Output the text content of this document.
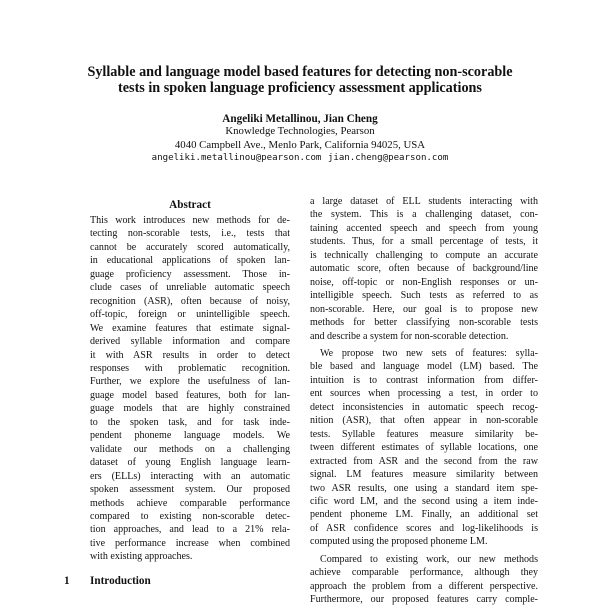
Syllable and language model based features for detecting non-scorable
tests in spoken language proficiency assessment applications
Angeliki Metallinou, Jian Cheng
Knowledge Technologies, Pearson
4040 Campbell Ave., Menlo Park, California 94025, USA
angeliki.metallinou@pearson.com jian.cheng@pearson.com
Abstract
This work introduces new methods for de-
tecting non-scorable tests, i.e., tests that
cannot be accurately scored automatically,
in educational applications of spoken lan-
guage proficiency assessment. Those in-
clude cases of unreliable automatic speech
recognition (ASR), often because of noisy,
off-topic, foreign or unintelligible speech.
We examine features that estimate signal-
derived syllable information and compare
it with ASR results in order to detect
responses with problematic recognition.
Further, we explore the usefulness of lan-
guage model based features, both for lan-
guage models that are highly constrained
to the spoken task, and for task inde-
pendent phoneme language models. We
validate our methods on a challenging
dataset of young English language learn-
ers (ELLs) interacting with an automatic
spoken assessment system. Our proposed
methods achieve comparable performance
compared to existing non-scorable detec-
tion approaches, and lead to a 21% rela-
tive performance increase when combined
with existing approaches.
1 Introduction
a large dataset of ELL students interacting with
the system. This is a challenging dataset, con-
taining accented speech and speech from young
students. Thus, for a small percentage of tests, it
is technically challenging to compute an accurate
automatic score, often because of background/line
noise, off-topic or non-English responses or un-
intelligible speech. Such tests as referred to as
non-scorable. Here, our goal is to propose new
methods for better classifying non-scorable tests
and describe a system for non-scorable detection.
We propose two new sets of features: sylla-
ble based and language model (LM) based. The
intuition is to contrast information from differ-
ent sources when processing a test, in order to
detect inconsistencies in automatic speech recog-
nition (ASR), that often appear in non-scorable
tests. Syllable features measure similarity be-
tween different estimates of syllable locations, one
extracted from ASR and the second from the raw
signal. LM features measure similarity between
two ASR results, one using a standard item spe-
cific word LM, and the second using a item inde-
pendent phoneme LM. Finally, an additional set
of ASR confidence scores and log-likelihoods is
computed using the proposed phoneme LM.
Compared to existing work, our new methods
achieve comparable performance, although they
approach the problem from a different perspective.
Furthermore, our proposed features carry comple-
